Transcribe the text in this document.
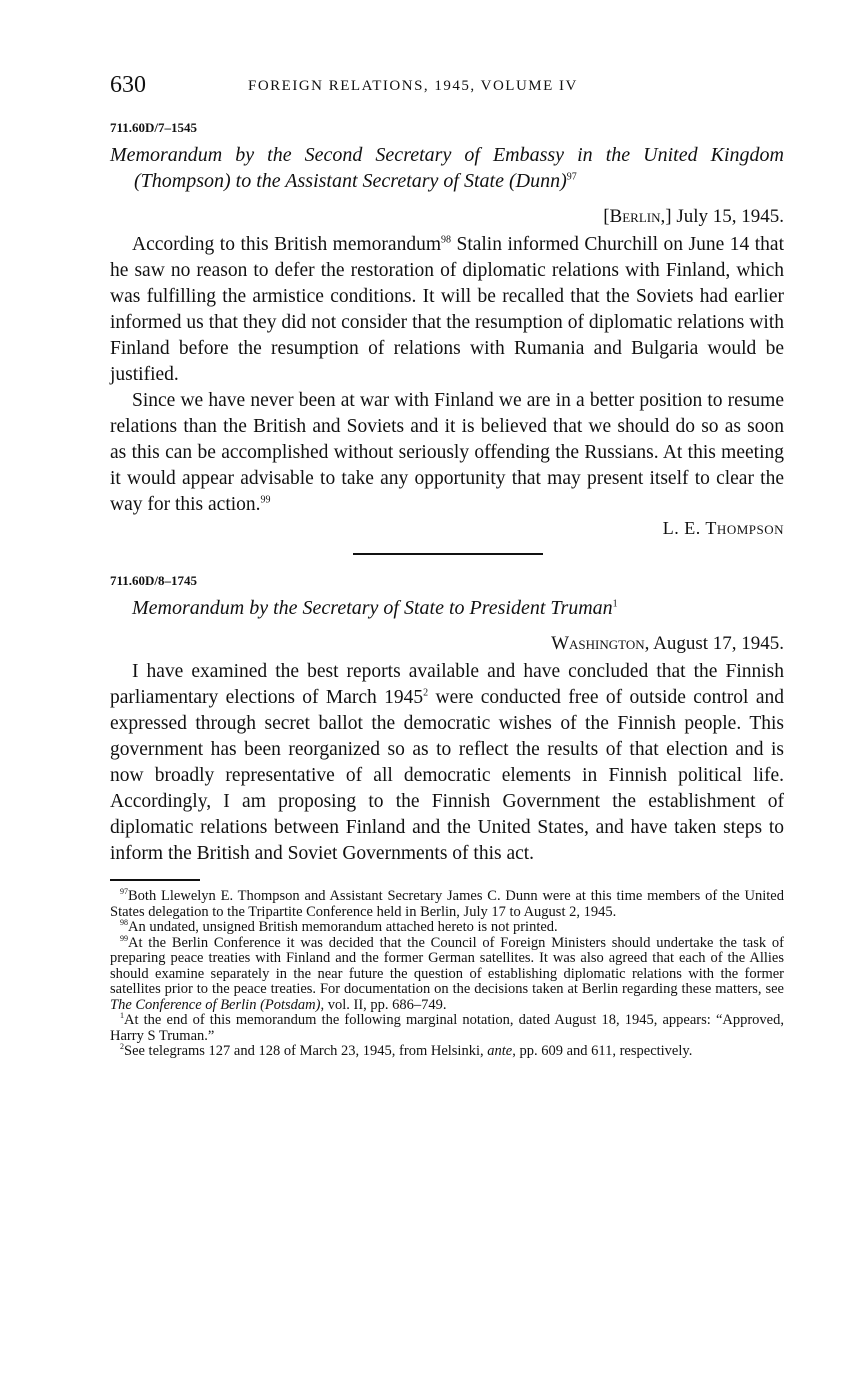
630	FOREIGN RELATIONS, 1945, VOLUME IV
711.60D/7–1545
Memorandum by the Second Secretary of Embassy in the United Kingdom (Thompson) to the Assistant Secretary of State (Dunn)$^{97}$
[Berlin,] July 15, 1945.

According to this British memorandum$^{98}$ Stalin informed Churchill on June 14 that he saw no reason to defer the restoration of diplomatic relations with Finland, which was fulfilling the armistice conditions. It will be recalled that the Soviets had earlier informed us that they did not consider that the resumption of diplomatic relations with Finland before the resumption of relations with Rumania and Bulgaria would be justified.

Since we have never been at war with Finland we are in a better position to resume relations than the British and Soviets and it is believed that we should do so as soon as this can be accomplished without seriously offending the Russians. At this meeting it would appear advisable to take any opportunity that may present itself to clear the way for this action.$^{99}$

L. E. Thompson
711.60D/8–1745
Memorandum by the Secretary of State to President Truman$^1$
Washington, August 17, 1945.

I have examined the best reports available and have concluded that the Finnish parliamentary elections of March 1945$^2$ were conducted free of outside control and expressed through secret ballot the democratic wishes of the Finnish people. This government has been reorganized so as to reflect the results of that election and is now broadly representative of all democratic elements in Finnish political life. Accordingly, I am proposing to the Finnish Government the establishment of diplomatic relations between Finland and the United States, and have taken steps to inform the British and Soviet Governments of this act.

$^{97}$Both Llewelyn E. Thompson and Assistant Secretary James C. Dunn were at this time members of the United States delegation to the Tripartite Conference held in Berlin, July 17 to August 2, 1945.

$^{98}$An undated, unsigned British memorandum attached hereto is not printed.

$^{99}$At the Berlin Conference it was decided that the Council of Foreign Ministers should undertake the task of preparing peace treaties with Finland and the former German satellites. It was also agreed that each of the Allies should examine separately in the near future the question of establishing diplomatic relations with the former satellites prior to the peace treaties. For documentation on the decisions taken at Berlin regarding these matters, see The Conference of Berlin (Potsdam), vol. II, pp. 686–749.

$^1$At the end of this memorandum the following marginal notation, dated August 18, 1945, appears: “Approved, Harry S Truman.”

$^2$See telegrams 127 and 128 of March 23, 1945, from Helsinki, ante, pp. 609 and 611, respectively.
